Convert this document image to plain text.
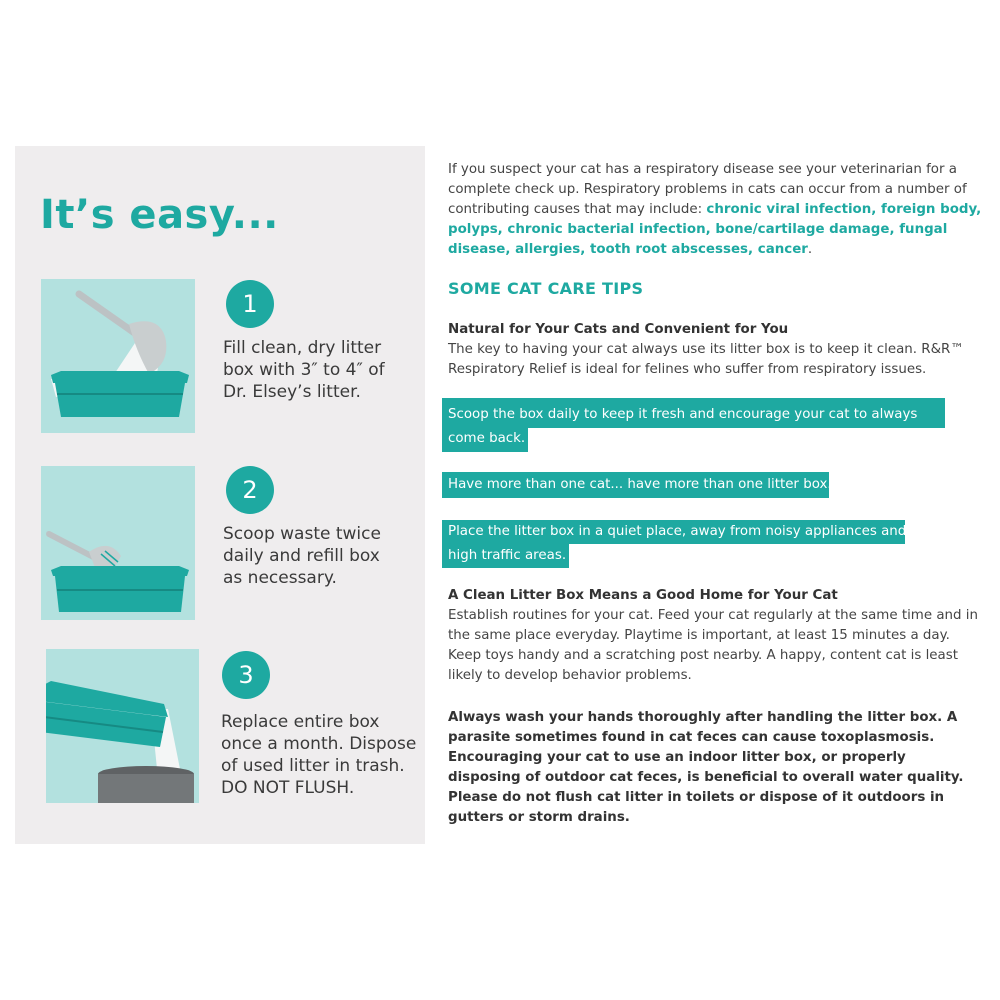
It’s easy...
1
Fill clean, dry litter
box with 3″ to 4″ of
Dr. Elsey’s litter.
2
Scoop waste twice
daily and refill box
as necessary.
3
Replace entire box
once a month. Dispose
of used litter in trash.
DO NOT FLUSH.

If you suspect your cat has a respiratory disease see your veterinarian for a complete check up. Respiratory problems in cats can occur from a number of contributing causes that may include: chronic viral infection, foreign body, polyps, chronic bacterial infection, bone/cartilage damage, fungal disease, allergies, tooth root abscesses, cancer.

SOME CAT CARE TIPS
Natural for Your Cats and Convenient for You
The key to having your cat always use its litter box is to keep it clean. R&R™ Respiratory Relief is ideal for felines who suffer from respiratory issues.
Scoop the box daily to keep it fresh and encourage your cat to always
come back.
Have more than one cat... have more than one litter box.
Place the litter box in a quiet place, away from noisy appliances and
high traffic areas.
A Clean Litter Box Means a Good Home for Your Cat
Establish routines for your cat. Feed your cat regularly at the same time and in the same place everyday. Playtime is important, at least 15 minutes a day. Keep toys handy and a scratching post nearby. A happy, content cat is least likely to develop behavior problems.

Always wash your hands thoroughly after handling the litter box. A parasite sometimes found in cat feces can cause toxoplasmosis. Encouraging your cat to use an indoor litter box, or properly disposing of outdoor cat feces, is beneficial to overall water quality. Please do not flush cat litter in toilets or dispose of it outdoors in gutters or storm drains.
